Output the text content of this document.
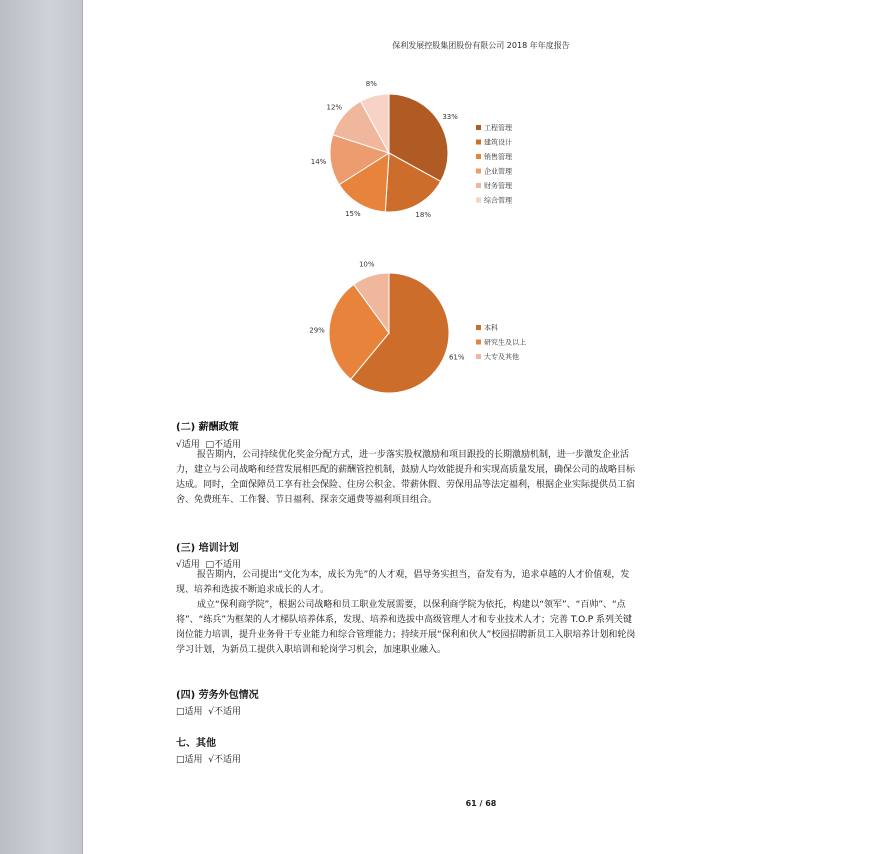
保利发展控股集团股份有限公司 2018 年年度报告
33%
18%
15%
14%
12%
8%
工程管理
建筑设计
销售管理
企业管理
财务管理
综合管理
61%
29%
10%
本科
研究生及以上
大专及其他
(二) 薪酬政策
√适用  □不适用
报告期内，公司持续优化奖金分配方式，进一步落实股权激励和项目跟投的长期激励机制，进一步激发企业活力，建立与公司战略和经营发展相匹配的薪酬管控机制，鼓励人均效能提升和实现高质量发展，确保公司的战略目标达成。同时，全面保障员工享有社会保险、住房公积金、带薪休假、劳保用品等法定福利，根据企业实际提供员工宿舍、免费班车、工作餐、节日福利、探亲交通费等福利项目组合。
(三) 培训计划
√适用  □不适用
报告期内，公司提出“文化为本，成长为先”的人才观，倡导务实担当，奋发有为，追求卓越的人才价值观，发现、培养和选拔不断追求成长的人才。
成立“保利商学院”，根据公司战略和员工职业发展需要，以保利商学院为依托，构建以“领军”、“百帅”、“点将”、“练兵”为框架的人才梯队培养体系，发现、培养和选拔中高级管理人才和专业技术人才；完善 T.O.P 系列关键岗位能力培训，提升业务骨干专业能力和综合管理能力；持续开展“保利和伙人”校园招聘新员工入职培养计划和轮岗学习计划，为新员工提供入职培训和轮岗学习机会，加速职业融入。
(四) 劳务外包情况
□适用  √不适用
七、其他
□适用  √不适用
61 / 68
